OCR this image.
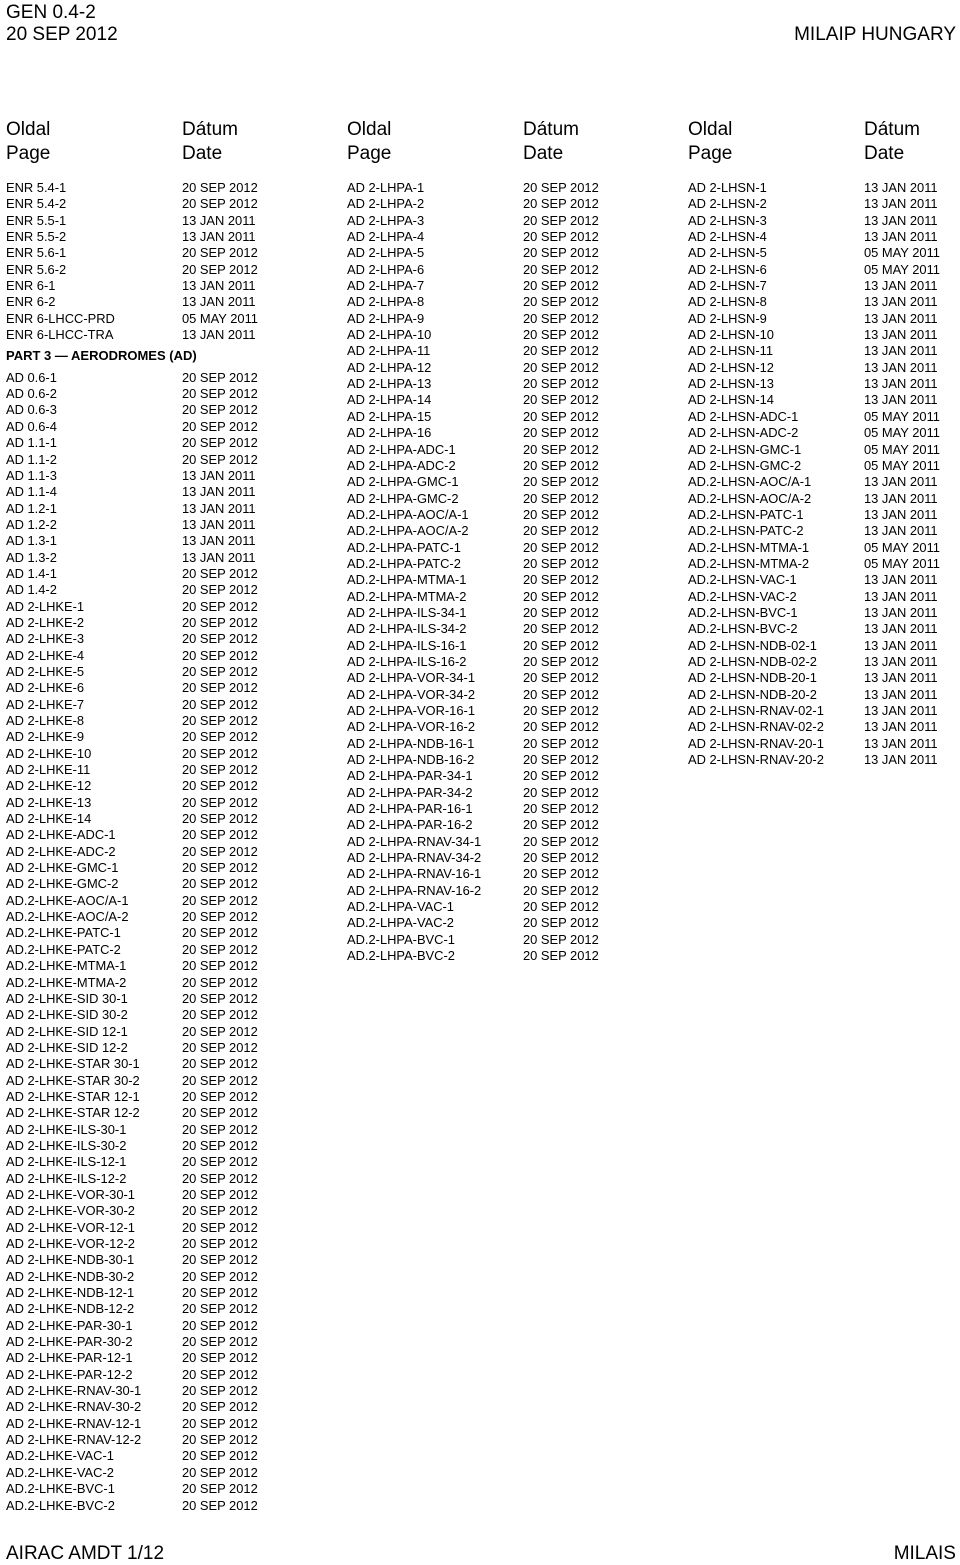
GEN 0.4-2
20 SEP 2012	MILAIP HUNGARY
Oldal
Page
Dátum
Date
ENR 5.4-1	20 SEP 2012
ENR 5.4-2	20 SEP 2012
ENR 5.5-1	13 JAN 2011
ENR 5.5-2	13 JAN 2011
ENR 5.6-1	20 SEP 2012
ENR 5.6-2	20 SEP 2012
ENR 6-1	13 JAN 2011
ENR 6-2	13 JAN 2011
ENR 6-LHCC-PRD	05 MAY 2011
ENR 6-LHCC-TRA	13 JAN 2011
PART 3 — AERODROMES (AD)
AD 0.6-1	20 SEP 2012
AD 0.6-2	20 SEP 2012
AD 0.6-3	20 SEP 2012
AD 0.6-4	20 SEP 2012
AD 1.1-1	20 SEP 2012
AD 1.1-2	20 SEP 2012
AD 1.1-3	13 JAN 2011
AD 1.1-4	13 JAN 2011
AD 1.2-1	13 JAN 2011
AD 1.2-2	13 JAN 2011
AD 1.3-1	13 JAN 2011
AD 1.3-2	13 JAN 2011
AD 1.4-1	20 SEP 2012
AD 1.4-2	20 SEP 2012
AD 2-LHKE-1	20 SEP 2012
AD 2-LHKE-2	20 SEP 2012
AD 2-LHKE-3	20 SEP 2012
AD 2-LHKE-4	20 SEP 2012
AD 2-LHKE-5	20 SEP 2012
AD 2-LHKE-6	20 SEP 2012
AD 2-LHKE-7	20 SEP 2012
AD 2-LHKE-8	20 SEP 2012
AD 2-LHKE-9	20 SEP 2012
AD 2-LHKE-10	20 SEP 2012
AD 2-LHKE-11	20 SEP 2012
AD 2-LHKE-12	20 SEP 2012
AD 2-LHKE-13	20 SEP 2012
AD 2-LHKE-14	20 SEP 2012
AD 2-LHKE-ADC-1	20 SEP 2012
AD 2-LHKE-ADC-2	20 SEP 2012
AD 2-LHKE-GMC-1	20 SEP 2012
AD 2-LHKE-GMC-2	20 SEP 2012
AD.2-LHKE-AOC/A-1	20 SEP 2012
AD.2-LHKE-AOC/A-2	20 SEP 2012
AD.2-LHKE-PATC-1	20 SEP 2012
AD.2-LHKE-PATC-2	20 SEP 2012
AD.2-LHKE-MTMA-1	20 SEP 2012
AD.2-LHKE-MTMA-2	20 SEP 2012
AD 2-LHKE-SID 30-1	20 SEP 2012
AD 2-LHKE-SID 30-2	20 SEP 2012
AD 2-LHKE-SID 12-1	20 SEP 2012
AD 2-LHKE-SID 12-2	20 SEP 2012
AD 2-LHKE-STAR 30-1	20 SEP 2012
AD 2-LHKE-STAR 30-2	20 SEP 2012
AD 2-LHKE-STAR 12-1	20 SEP 2012
AD 2-LHKE-STAR 12-2	20 SEP 2012
AD 2-LHKE-ILS-30-1	20 SEP 2012
AD 2-LHKE-ILS-30-2	20 SEP 2012
AD 2-LHKE-ILS-12-1	20 SEP 2012
AD 2-LHKE-ILS-12-2	20 SEP 2012
AD 2-LHKE-VOR-30-1	20 SEP 2012
AD 2-LHKE-VOR-30-2	20 SEP 2012
AD 2-LHKE-VOR-12-1	20 SEP 2012
AD 2-LHKE-VOR-12-2	20 SEP 2012
AD 2-LHKE-NDB-30-1	20 SEP 2012
AD 2-LHKE-NDB-30-2	20 SEP 2012
AD 2-LHKE-NDB-12-1	20 SEP 2012
AD 2-LHKE-NDB-12-2	20 SEP 2012
AD 2-LHKE-PAR-30-1	20 SEP 2012
AD 2-LHKE-PAR-30-2	20 SEP 2012
AD 2-LHKE-PAR-12-1	20 SEP 2012
AD 2-LHKE-PAR-12-2	20 SEP 2012
AD 2-LHKE-RNAV-30-1	20 SEP 2012
AD 2-LHKE-RNAV-30-2	20 SEP 2012
AD 2-LHKE-RNAV-12-1	20 SEP 2012
AD 2-LHKE-RNAV-12-2	20 SEP 2012
AD.2-LHKE-VAC-1	20 SEP 2012
AD.2-LHKE-VAC-2	20 SEP 2012
AD.2-LHKE-BVC-1	20 SEP 2012
AD.2-LHKE-BVC-2	20 SEP 2012
Oldal
Page
Dátum
Date
AD 2-LHPA-1	20 SEP 2012
AD 2-LHPA-2	20 SEP 2012
AD 2-LHPA-3	20 SEP 2012
AD 2-LHPA-4	20 SEP 2012
AD 2-LHPA-5	20 SEP 2012
AD 2-LHPA-6	20 SEP 2012
AD 2-LHPA-7	20 SEP 2012
AD 2-LHPA-8	20 SEP 2012
AD 2-LHPA-9	20 SEP 2012
AD 2-LHPA-10	20 SEP 2012
AD 2-LHPA-11	20 SEP 2012
AD 2-LHPA-12	20 SEP 2012
AD 2-LHPA-13	20 SEP 2012
AD 2-LHPA-14	20 SEP 2012
AD 2-LHPA-15	20 SEP 2012
AD 2-LHPA-16	20 SEP 2012
AD 2-LHPA-ADC-1	20 SEP 2012
AD 2-LHPA-ADC-2	20 SEP 2012
AD 2-LHPA-GMC-1	20 SEP 2012
AD 2-LHPA-GMC-2	20 SEP 2012
AD.2-LHPA-AOC/A-1	20 SEP 2012
AD.2-LHPA-AOC/A-2	20 SEP 2012
AD.2-LHPA-PATC-1	20 SEP 2012
AD.2-LHPA-PATC-2	20 SEP 2012
AD.2-LHPA-MTMA-1	20 SEP 2012
AD.2-LHPA-MTMA-2	20 SEP 2012
AD 2-LHPA-ILS-34-1	20 SEP 2012
AD 2-LHPA-ILS-34-2	20 SEP 2012
AD 2-LHPA-ILS-16-1	20 SEP 2012
AD 2-LHPA-ILS-16-2	20 SEP 2012
AD 2-LHPA-VOR-34-1	20 SEP 2012
AD 2-LHPA-VOR-34-2	20 SEP 2012
AD 2-LHPA-VOR-16-1	20 SEP 2012
AD 2-LHPA-VOR-16-2	20 SEP 2012
AD 2-LHPA-NDB-16-1	20 SEP 2012
AD 2-LHPA-NDB-16-2	20 SEP 2012
AD 2-LHPA-PAR-34-1	20 SEP 2012
AD 2-LHPA-PAR-34-2	20 SEP 2012
AD 2-LHPA-PAR-16-1	20 SEP 2012
AD 2-LHPA-PAR-16-2	20 SEP 2012
AD 2-LHPA-RNAV-34-1	20 SEP 2012
AD 2-LHPA-RNAV-34-2	20 SEP 2012
AD 2-LHPA-RNAV-16-1	20 SEP 2012
AD 2-LHPA-RNAV-16-2	20 SEP 2012
AD.2-LHPA-VAC-1	20 SEP 2012
AD.2-LHPA-VAC-2	20 SEP 2012
AD.2-LHPA-BVC-1	20 SEP 2012
AD.2-LHPA-BVC-2	20 SEP 2012
Oldal
Page
Dátum
Date
AD 2-LHSN-1	13 JAN 2011
AD 2-LHSN-2	13 JAN 2011
AD 2-LHSN-3	13 JAN 2011
AD 2-LHSN-4	13 JAN 2011
AD 2-LHSN-5	05 MAY 2011
AD 2-LHSN-6	05 MAY 2011
AD 2-LHSN-7	13 JAN 2011
AD 2-LHSN-8	13 JAN 2011
AD 2-LHSN-9	13 JAN 2011
AD 2-LHSN-10	13 JAN 2011
AD 2-LHSN-11	13 JAN 2011
AD 2-LHSN-12	13 JAN 2011
AD 2-LHSN-13	13 JAN 2011
AD 2-LHSN-14	13 JAN 2011
AD 2-LHSN-ADC-1	05 MAY 2011
AD 2-LHSN-ADC-2	05 MAY 2011
AD 2-LHSN-GMC-1	05 MAY 2011
AD 2-LHSN-GMC-2	05 MAY 2011
AD.2-LHSN-AOC/A-1	13 JAN 2011
AD.2-LHSN-AOC/A-2	13 JAN 2011
AD.2-LHSN-PATC-1	13 JAN 2011
AD.2-LHSN-PATC-2	13 JAN 2011
AD.2-LHSN-MTMA-1	05 MAY 2011
AD.2-LHSN-MTMA-2	05 MAY 2011
AD.2-LHSN-VAC-1	13 JAN 2011
AD.2-LHSN-VAC-2	13 JAN 2011
AD.2-LHSN-BVC-1	13 JAN 2011
AD.2-LHSN-BVC-2	13 JAN 2011
AD 2-LHSN-NDB-02-1	13 JAN 2011
AD 2-LHSN-NDB-02-2	13 JAN 2011
AD 2-LHSN-NDB-20-1	13 JAN 2011
AD 2-LHSN-NDB-20-2	13 JAN 2011
AD 2-LHSN-RNAV-02-1	13 JAN 2011
AD 2-LHSN-RNAV-02-2	13 JAN 2011
AD 2-LHSN-RNAV-20-1	13 JAN 2011
AD 2-LHSN-RNAV-20-2	13 JAN 2011
AIRAC AMDT 1/12	MILAIS
